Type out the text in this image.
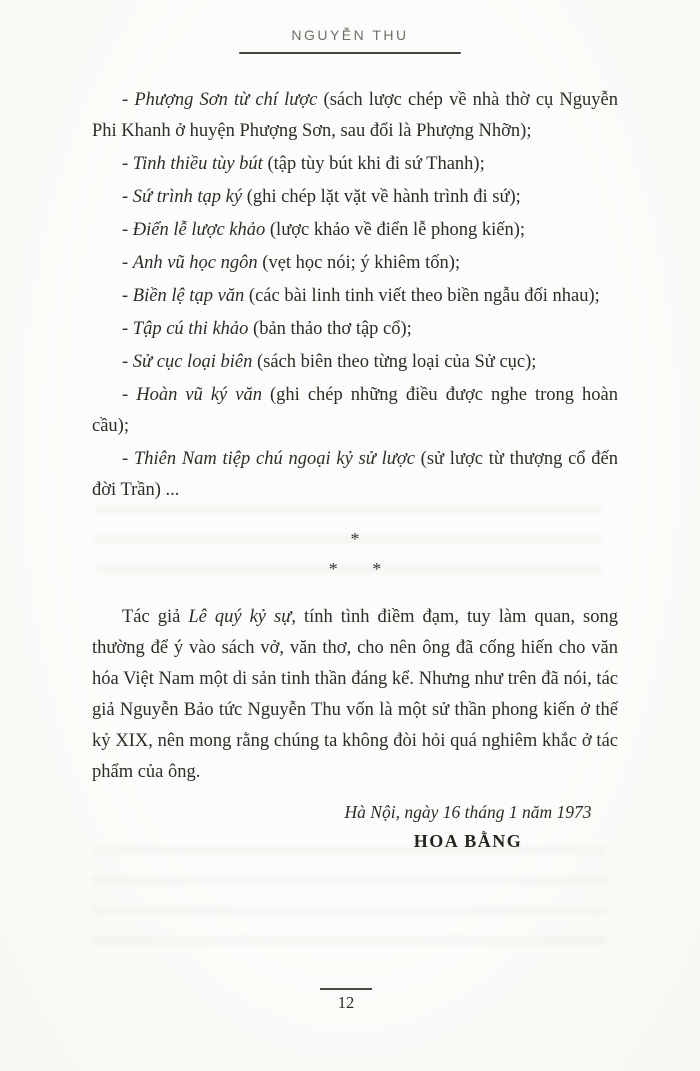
NGUYỄN THU

- Phượng Sơn từ chí lược (sách lược chép về nhà thờ cụ Nguyễn Phi Khanh ở huyện Phượng Sơn, sau đổi là Phượng Nhỡn);

- Tinh thiều tùy bút (tập tùy bút khi đi sứ Thanh);

- Sứ trình tạp ký (ghi chép lặt vặt về hành trình đi sứ);

- Điển lễ lược khảo (lược khảo về điển lễ phong kiến);

- Anh vũ học ngôn (vẹt học nói; ý khiêm tốn);

- Biền lệ tạp văn (các bài linh tinh viết theo biền ngẫu đối nhau);

- Tập cú thi khảo (bản thảo thơ tập cổ);

- Sử cục loại biên (sách biên theo từng loại của Sử cục);

- Hoàn vũ ký văn (ghi chép những điều được nghe trong hoàn cầu);

- Thiên Nam tiệp chú ngoại kỷ sử lược (sử lược từ thượng cổ đến đời Trần) ...

*
* *

Tác giả Lê quý kỷ sự, tính tình điềm đạm, tuy làm quan, song thường để ý vào sách vở, văn thơ, cho nên ông đã cống hiến cho văn hóa Việt Nam một di sản tinh thần đáng kể. Nhưng như trên đã nói, tác giả Nguyễn Bảo tức Nguyễn Thu vốn là một sử thần phong kiến ở thế kỷ XIX, nên mong rằng chúng ta không đòi hỏi quá nghiêm khắc ở tác phẩm của ông.

Hà Nội, ngày 16 tháng 1 năm 1973
HOA BẰNG
12
